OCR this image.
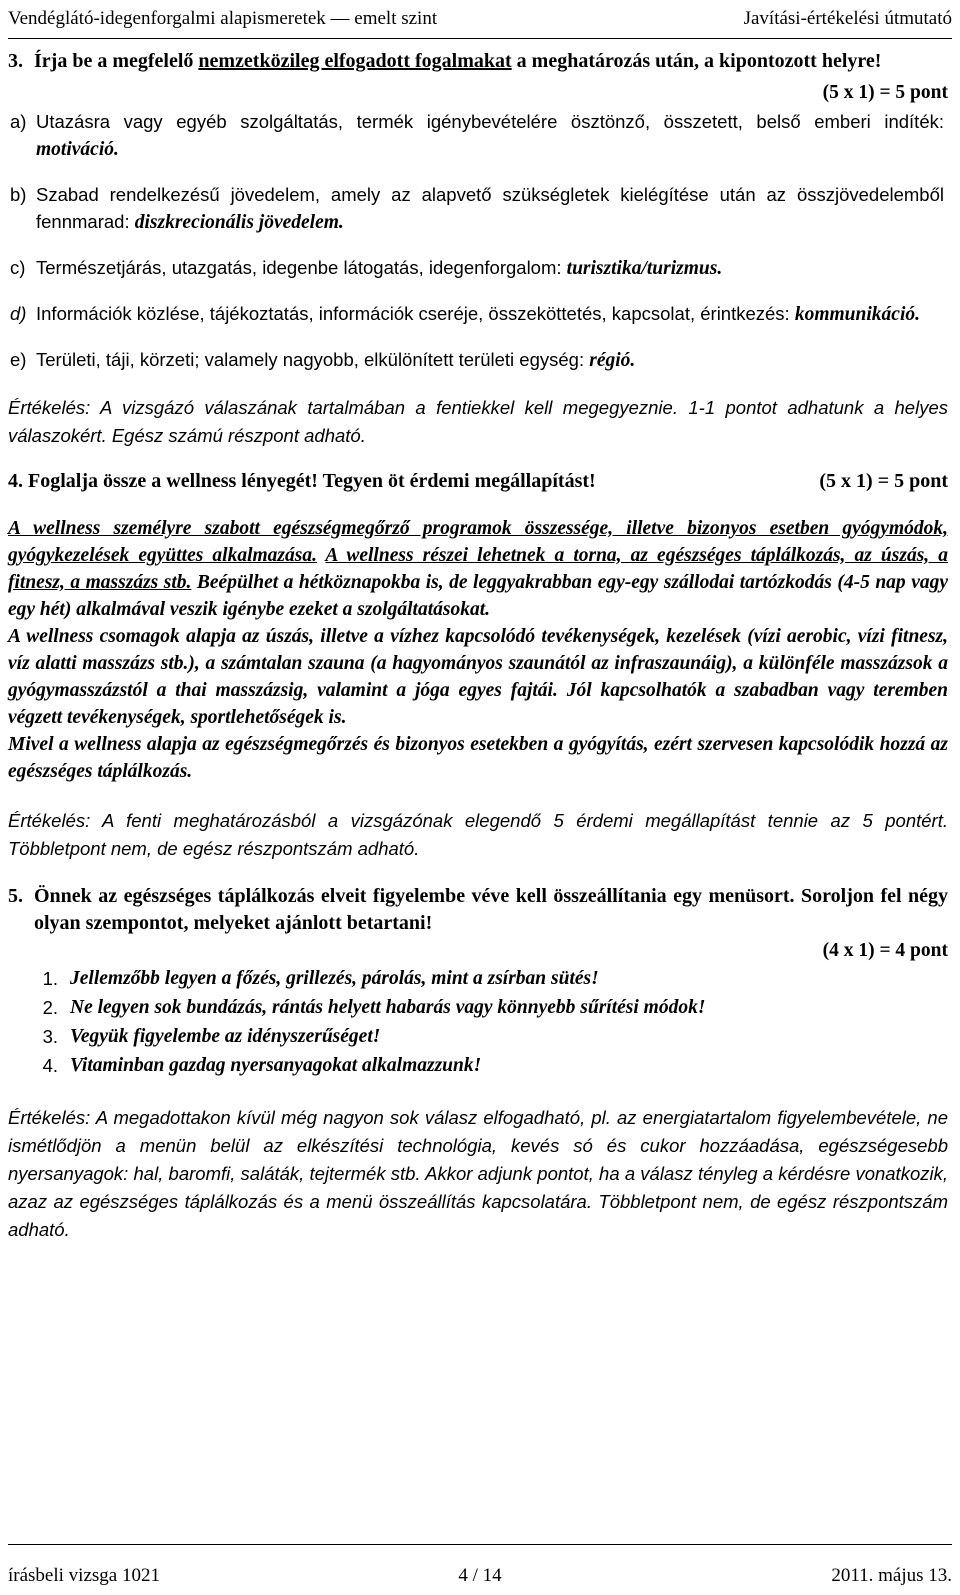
Vendéglátó-idegenforgalmi alapismeretek — emelt szint	Javítási-értékelési útmutató
3. Írja be a megfelelő nemzetközileg elfogadott fogalmakat a meghatározás után, a kipontozott helyre!

(5 x 1) = 5 pont

a) Utazásra vagy egyéb szolgáltatás, termék igénybevételére ösztönző, összetett, belső emberi indíték: motiváció.
b) Szabad rendelkezésű jövedelem, amely az alapvető szükségletek kielégítése után az összjövedelemből fennmarad: diszkrecionális jövedelem.
c) Természetjárás, utazgatás, idegenbe látogatás, idegenforgalom: turisztika/turizmus.
d) Információk közlése, tájékoztatás, információk cseréje, összeköttetés, kapcsolat, érintkezés: kommunikáció.
e) Területi, táji, körzeti; valamely nagyobb, elkülönített területi egység: régió.

Értékelés: A vizsgázó válaszának tartalmában a fentiekkel kell megegyeznie. 1-1 pontot adhatunk a helyes válaszokért. Egész számú részpont adható.

4. Foglalja össze a wellness lényegét! Tegyen öt érdemi megállapítást!	(5 x 1) = 5 pont

A wellness személyre szabott egészségmegőrző programok összessége, illetve bizonyos esetben gyógymódok, gyógykezelések együttes alkalmazása. A wellness részei lehetnek a torna, az egészséges táplálkozás, az úszás, a fitnesz, a masszázs stb. Beépülhet a hétköznapokba is, de leggyakrabban egy-egy szállodai tartózkodás (4-5 nap vagy egy hét) alkalmával veszik igénybe ezeket a szolgáltatásokat.

A wellness csomagok alapja az úszás, illetve a vízhez kapcsolódó tevékenységek, kezelések (vízi aerobic, vízi fitnesz, víz alatti masszázs stb.), a számtalan szauna (a hagyományos szaunától az infraszaunáig), a különféle masszázsok a gyógymasszázstól a thai masszázsig, valamint a jóga egyes fajtái. Jól kapcsolhatók a szabadban vagy teremben végzett tevékenységek, sportlehetőségek is.

Mivel a wellness alapja az egészségmegőrzés és bizonyos esetekben a gyógyítás, ezért szervesen kapcsolódik hozzá az egészséges táplálkozás.

Értékelés: A fenti meghatározásból a vizsgázónak elegendő 5 érdemi megállapítást tennie az 5 pontért. Többletpont nem, de egész részpontszám adható.

5. Önnek az egészséges táplálkozás elveit figyelembe véve kell összeállítania egy menüsort. Soroljon fel négy olyan szempontot, melyeket ajánlott betartani!

(4 x 1) = 4 pont

1. Jellemzőbb legyen a főzés, grillezés, párolás, mint a zsírban sütés!
2. Ne legyen sok bundázás, rántás helyett habarás vagy könnyebb sűrítési módok!
3. Vegyük figyelembe az idényszerűséget!
4. Vitaminban gazdag nyersanyagokat alkalmazzunk!

Értékelés: A megadottakon kívül még nagyon sok válasz elfogadható, pl. az energiatartalom figyelembevétele, ne ismétlődjön a menün belül az elkészítési technológia, kevés só és cukor hozzáadása, egészségesebb nyersanyagok: hal, baromfi, saláták, tejtermék stb. Akkor adjunk pontot, ha a válasz tényleg a kérdésre vonatkozik, azaz az egészséges táplálkozás és a menü összeállítás kapcsolatára. Többletpont nem, de egész részpontszám adható.

írásbeli vizsga 1021	4 / 14	2011. május 13.
